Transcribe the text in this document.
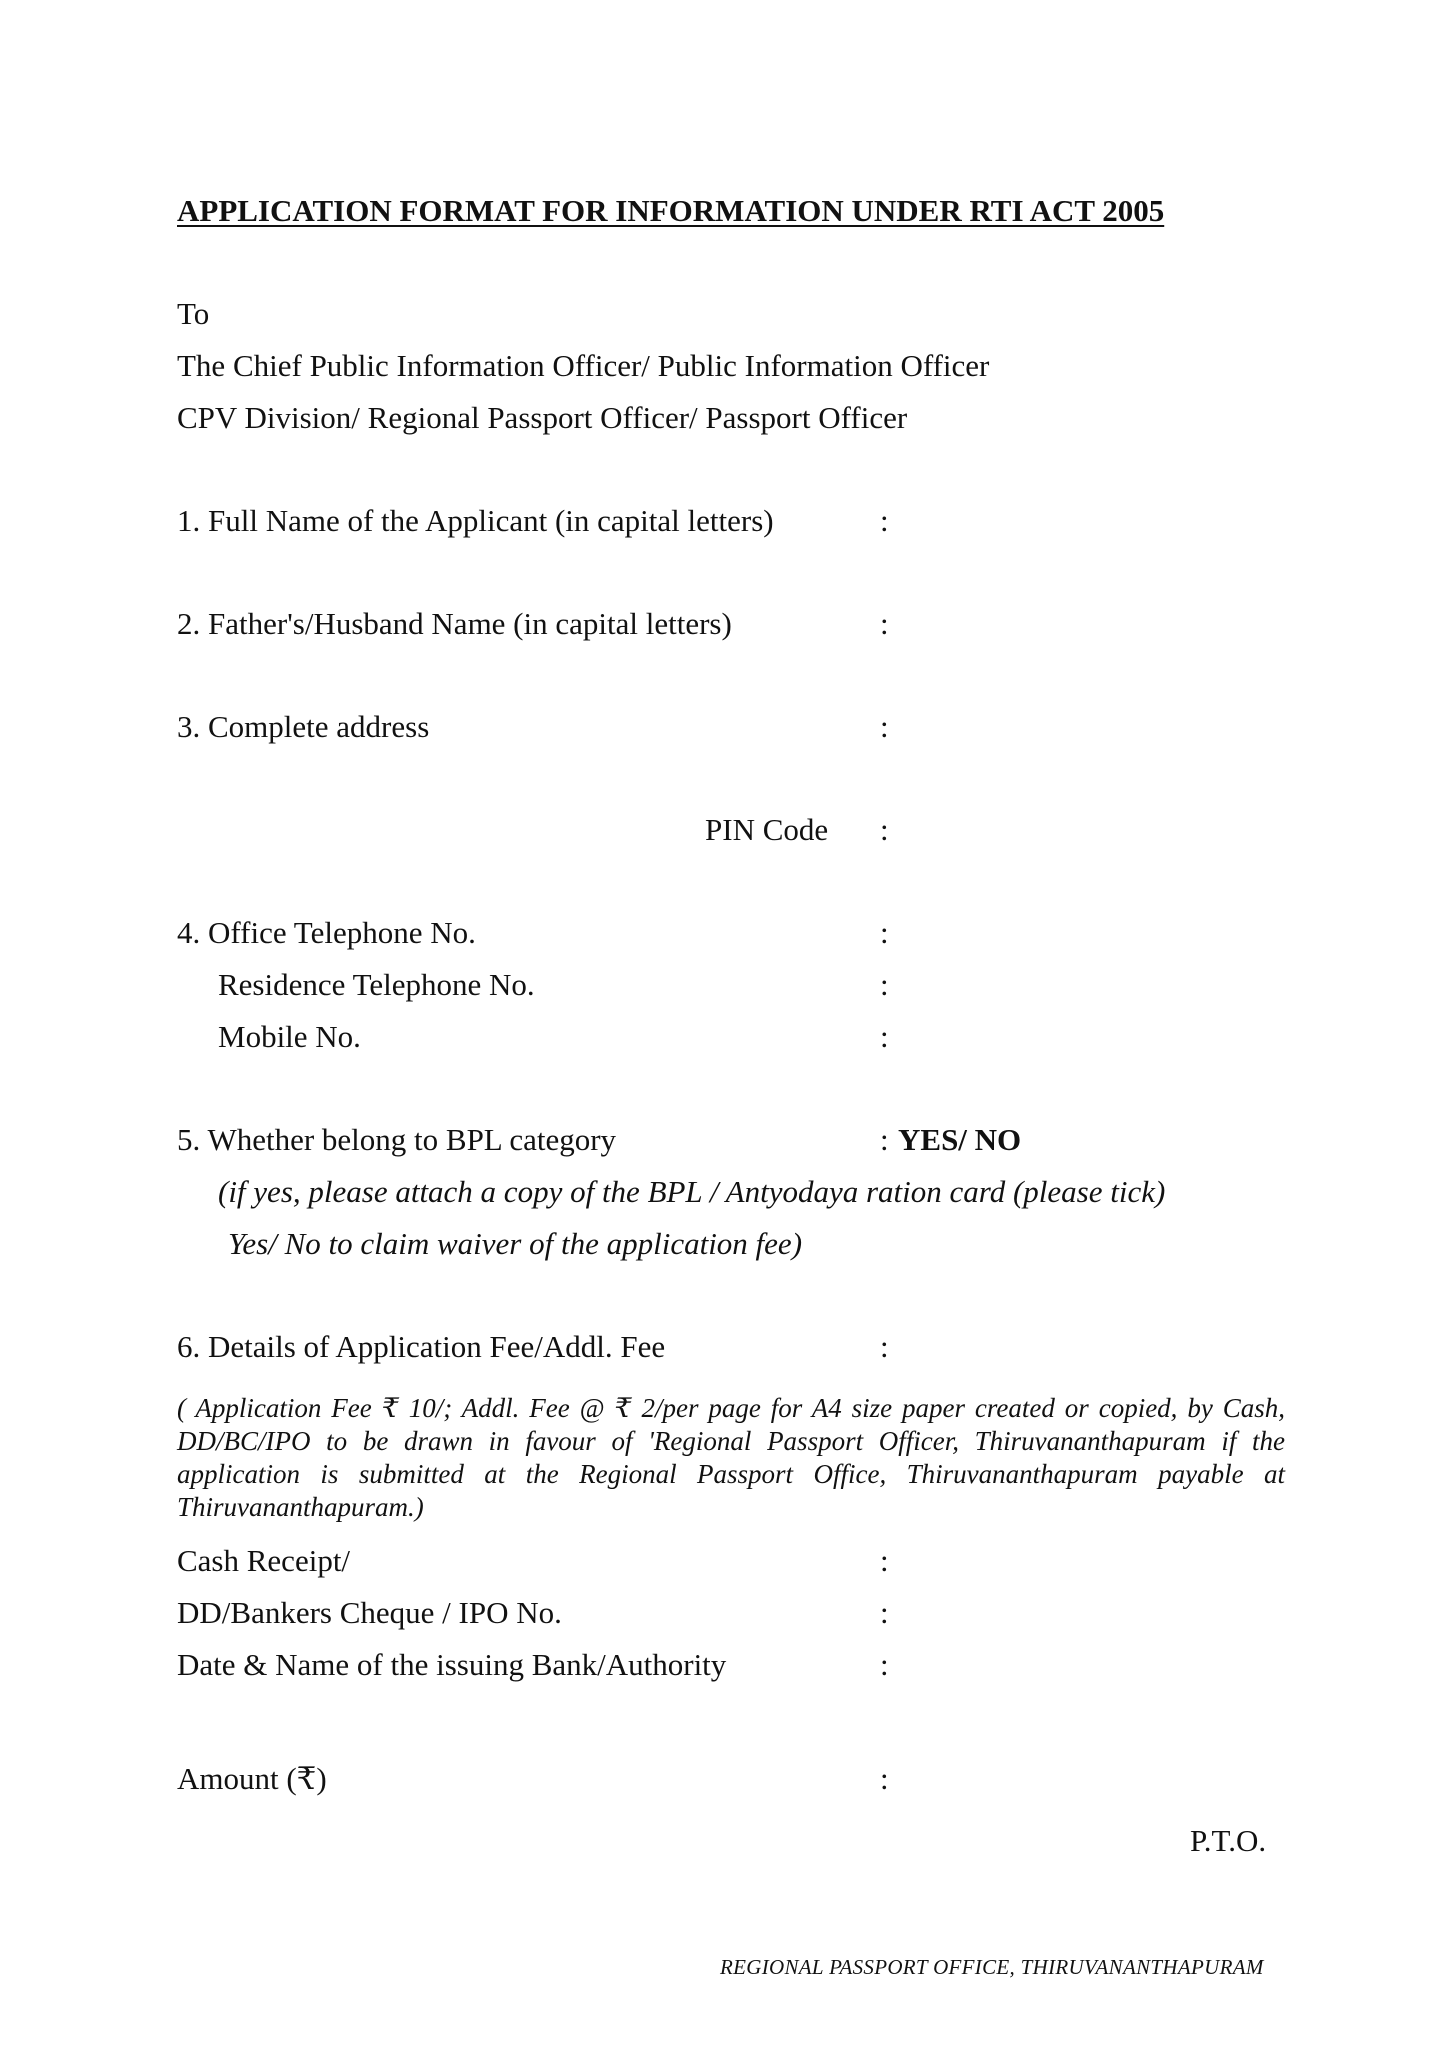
APPLICATION FORMAT FOR INFORMATION UNDER RTI ACT 2005
To
The Chief Public Information Officer/ Public Information Officer
CPV Division/ Regional Passport Officer/ Passport Officer
1. Full Name of the Applicant (in capital letters)	:
2. Father's/Husband Name (in capital letters)	:
3. Complete address	:
PIN Code :
4. Office Telephone No.	:
Residence Telephone No.	:
Mobile No.	:
5. Whether belong to BPL category	: YES/ NO
(if yes, please attach a copy of the BPL / Antyodaya ration card (please tick)
Yes/ No to claim waiver of the application fee)
6. Details of Application Fee/Addl. Fee	:
( Application Fee ₹ 10/; Addl. Fee @ ₹ 2/per page for A4 size paper created or copied, by Cash, DD/BC/IPO to be drawn in favour of 'Regional Passport Officer, Thiruvananthapuram if the application is submitted at the Regional Passport Office, Thiruvananthapuram payable at Thiruvananthapuram.)
Cash Receipt/	:
DD/Bankers Cheque / IPO No.	:
Date & Name of the issuing Bank/Authority	:
Amount (₹)	:
P.T.O.
REGIONAL PASSPORT OFFICE, THIRUVANANTHAPURAM
